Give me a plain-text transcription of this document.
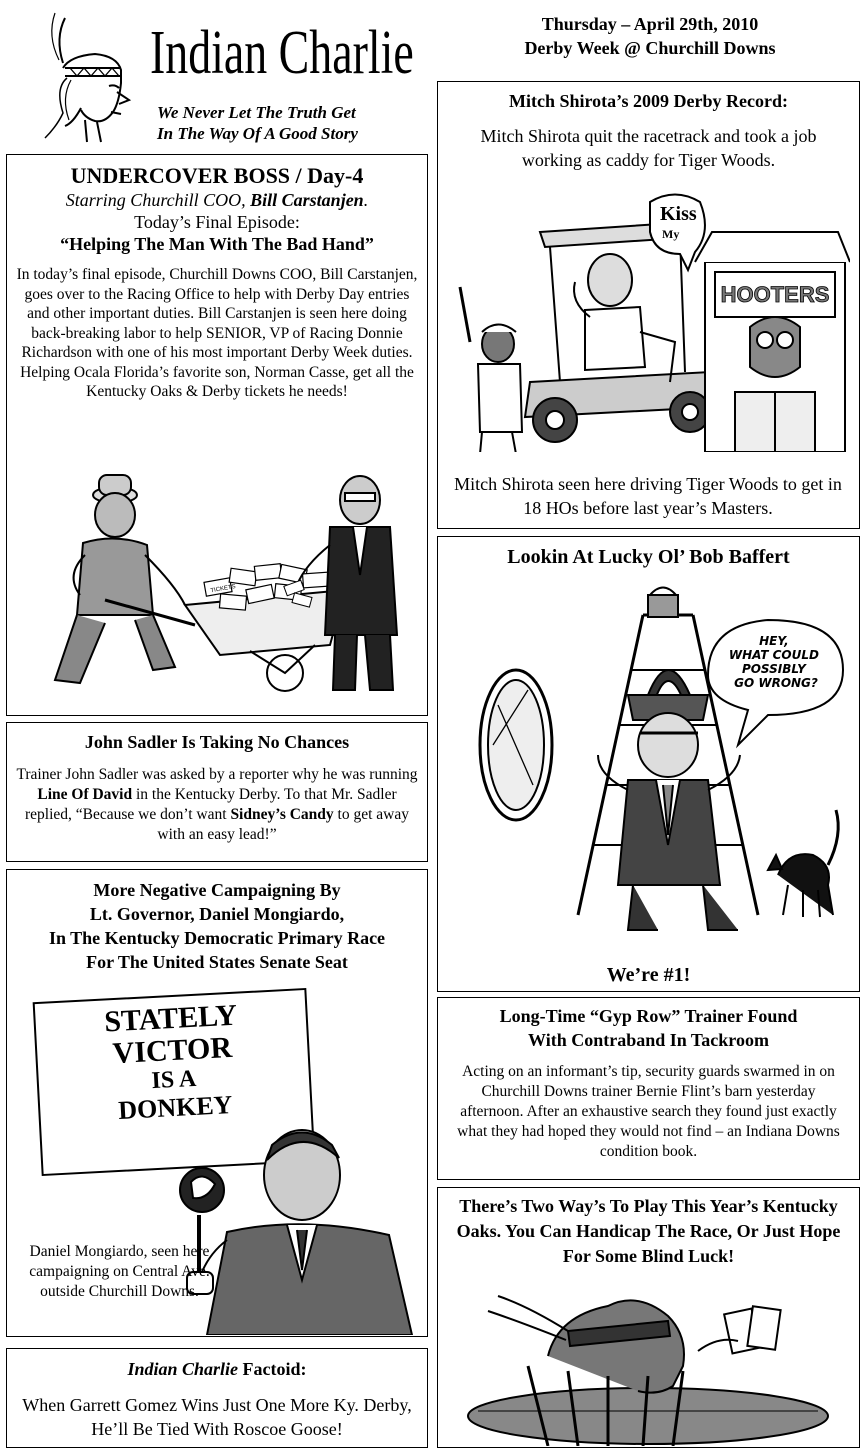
Indian Charlie
We Never Let The Truth Get
In The Way Of A Good Story
Thursday – April 29th, 2010
Derby Week @ Churchill Downs
UNDERCOVER BOSS / Day-4
Starring Churchill COO, Bill Carstanjen.
Today’s Final Episode:
“Helping The Man With The Bad Hand”
In today’s final episode, Churchill Downs COO, Bill Carstanjen, goes over to the Racing Office to help with Derby Day entries and other important duties. Bill Carstanjen is seen here doing back-breaking labor to help SENIOR, VP of Racing Donnie Richardson with one of his most important Derby Week duties. Helping Ocala Florida’s favorite son, Norman Casse, get all the Kentucky Oaks & Derby tickets he needs!
TICKETS
John Sadler Is Taking No Chances
Trainer John Sadler was asked by a reporter why he was running Line Of David in the Kentucky Derby. To that Mr. Sadler replied, “Because we don’t want Sidney’s Candy to get away with an easy lead!”
More Negative Campaigning By
Lt. Governor, Daniel Mongiardo,
In The Kentucky Democratic Primary Race
For The United States Senate Seat
STATELY
VICTOR
IS A
DONKEY
Daniel Mongiardo, seen here campaigning on Central Ave. outside Churchill Downs.
Indian Charlie Factoid:
When Garrett Gomez Wins Just One More Ky. Derby, He’ll Be Tied With Roscoe Goose!
Mitch Shirota’s 2009 Derby Record:
Mitch Shirota quit the racetrack and took a job working as caddy for Tiger Woods.
Kiss
My
HOOTERS
Mitch Shirota seen here driving Tiger Woods to get in 18 HOs before last year’s Masters.
Lookin At Lucky Ol’ Bob Baffert
HEY, WHAT COULD POSSIBLY GO WRONG?
We’re #1!
Long-Time “Gyp Row” Trainer Found
With Contraband In Tackroom
Acting on an informant’s tip, security guards swarmed in on Churchill Downs trainer Bernie Flint’s barn yesterday afternoon. After an exhaustive search they found just exactly what they had hoped they would not find – an Indiana Downs condition book.
There’s Two Way’s To Play This Year’s Kentucky Oaks. You Can Handicap The Race, Or Just Hope For Some Blind Luck!
